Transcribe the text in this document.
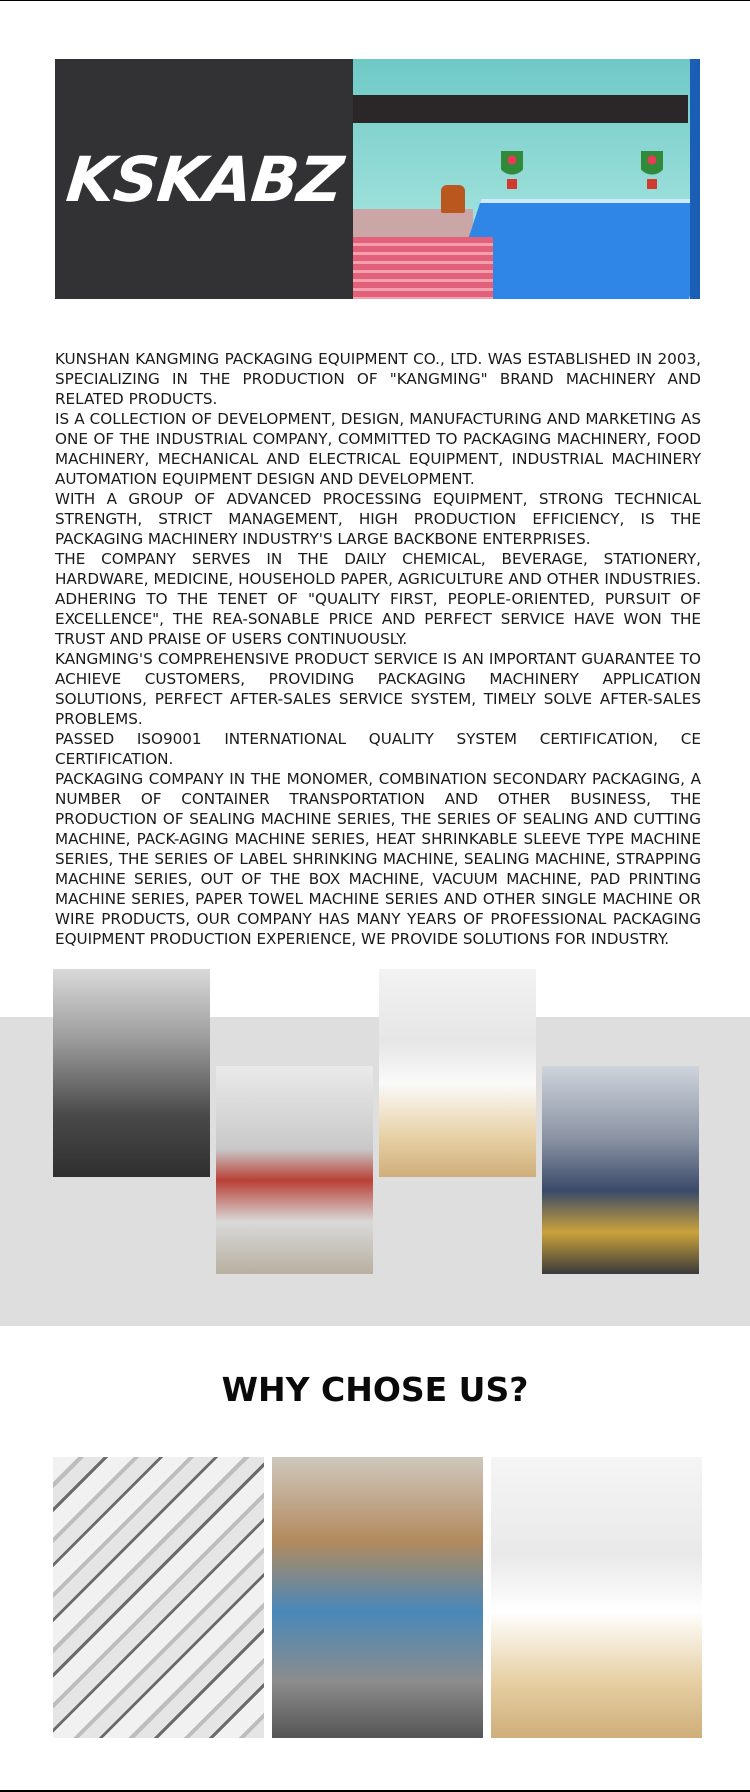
KSKABZ

KUNSHAN KANGMING PACKAGING EQUIPMENT CO., LTD. WAS ESTABLISHED IN 2003, SPECIALIZING IN THE PRODUCTION OF "KANGMING" BRAND MACHINERY AND RELATED PRODUCTS.

IS A COLLECTION OF DEVELOPMENT, DESIGN, MANUFACTURING AND MARKETING AS ONE OF THE INDUSTRIAL COMPANY, COMMITTED TO PACKAGING MACHINERY, FOOD MACHINERY, MECHANICAL AND ELECTRICAL EQUIPMENT, INDUSTRIAL MACHINERY AUTOMATION EQUIPMENT DESIGN AND DEVELOPMENT.

WITH A GROUP OF ADVANCED PROCESSING EQUIPMENT, STRONG TECHNICAL STRENGTH, STRICT MANAGEMENT, HIGH PRODUCTION EFFICIENCY, IS THE PACKAGING MACHINERY INDUSTRY'S LARGE BACKBONE ENTERPRISES.

THE COMPANY SERVES IN THE DAILY CHEMICAL, BEVERAGE, STATIONERY, HARDWARE, MEDICINE, HOUSEHOLD PAPER, AGRICULTURE AND OTHER INDUSTRIES. ADHERING TO THE TENET OF "QUALITY FIRST, PEOPLE-ORIENTED, PURSUIT OF EXCELLENCE", THE REA-SONABLE PRICE AND PERFECT SERVICE HAVE WON THE TRUST AND PRAISE OF USERS CONTINUOUSLY.

KANGMING'S COMPREHENSIVE PRODUCT SERVICE IS AN IMPORTANT GUARANTEE TO ACHIEVE CUSTOMERS, PROVIDING PACKAGING MACHINERY APPLICATION SOLUTIONS, PERFECT AFTER-SALES SERVICE SYSTEM, TIMELY SOLVE AFTER-SALES PROBLEMS.

PASSED ISO9001 INTERNATIONAL QUALITY SYSTEM CERTIFICATION, CE CERTIFICATION.

PACKAGING COMPANY IN THE MONOMER, COMBINATION SECONDARY PACKAGING, A NUMBER OF CONTAINER TRANSPORTATION AND OTHER BUSINESS, THE PRODUCTION OF SEALING MACHINE SERIES, THE SERIES OF SEALING AND CUTTING MACHINE, PACK-AGING MACHINE SERIES, HEAT SHRINKABLE SLEEVE TYPE MACHINE SERIES, THE SERIES OF LABEL SHRINKING MACHINE, SEALING MACHINE, STRAPPING MACHINE SERIES, OUT OF THE BOX MACHINE, VACUUM MACHINE, PAD PRINTING MACHINE SERIES, PAPER TOWEL MACHINE SERIES AND OTHER SINGLE MACHINE OR WIRE PRODUCTS, OUR COMPANY HAS MANY YEARS OF PROFESSIONAL PACKAGING EQUIPMENT PRODUCTION EXPERIENCE, WE PROVIDE SOLUTIONS FOR INDUSTRY.

WHY CHOSE US?
